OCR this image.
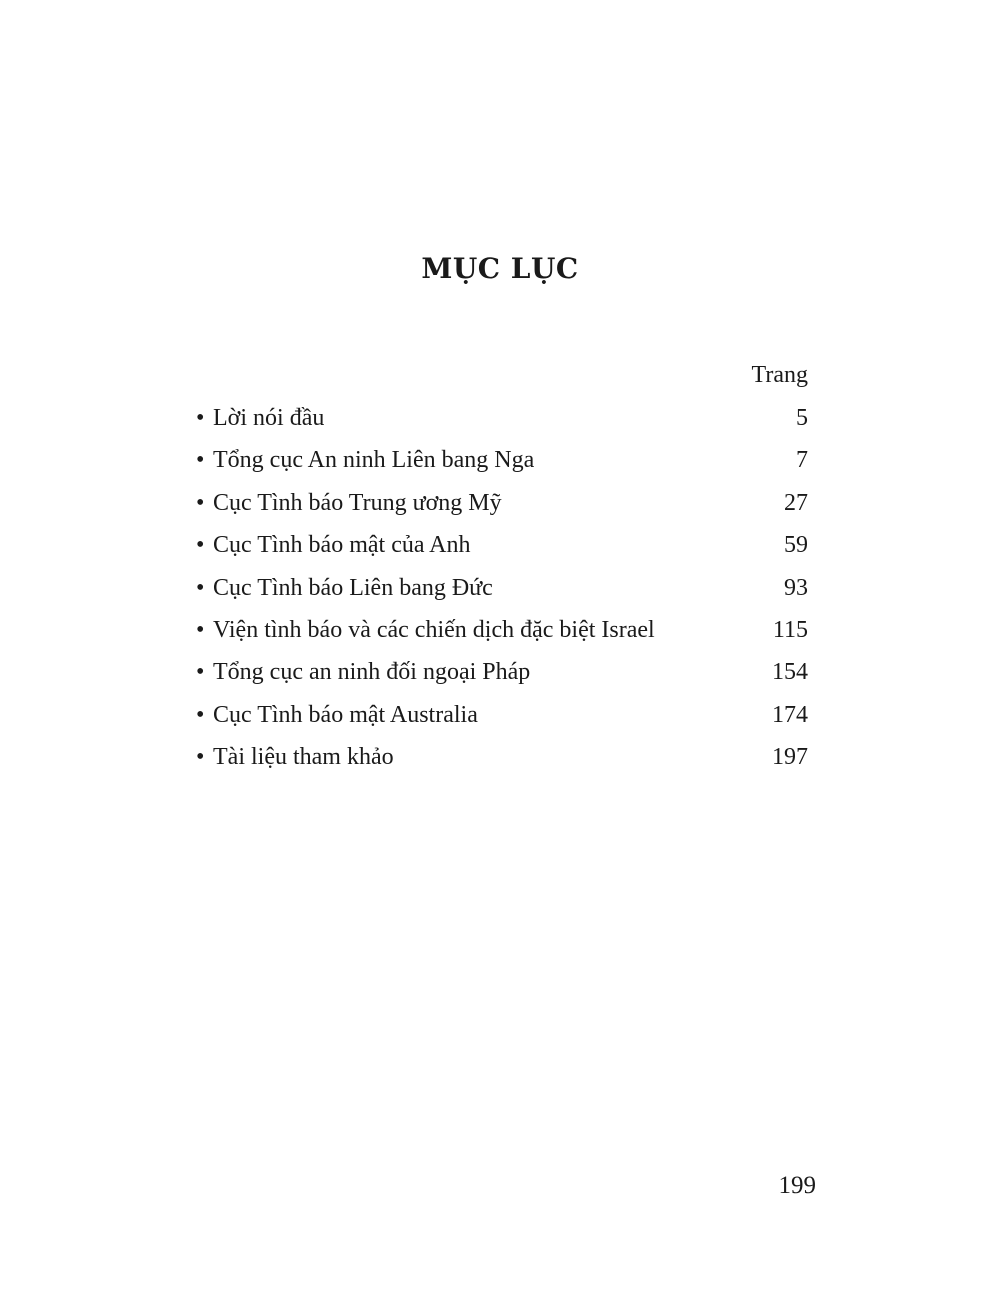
MỤC LỤC
Trang
• Lời nói đầu	5
• Tổng cục An ninh Liên bang Nga	7
• Cục Tình báo Trung ương Mỹ	27
• Cục Tình báo mật của Anh	59
• Cục Tình báo Liên bang Đức	93
• Viện tình báo và các chiến dịch đặc biệt Israel	115
• Tổng cục an ninh đối ngoại Pháp	154
• Cục Tình báo mật Australia	174
• Tài liệu tham khảo	197
199
